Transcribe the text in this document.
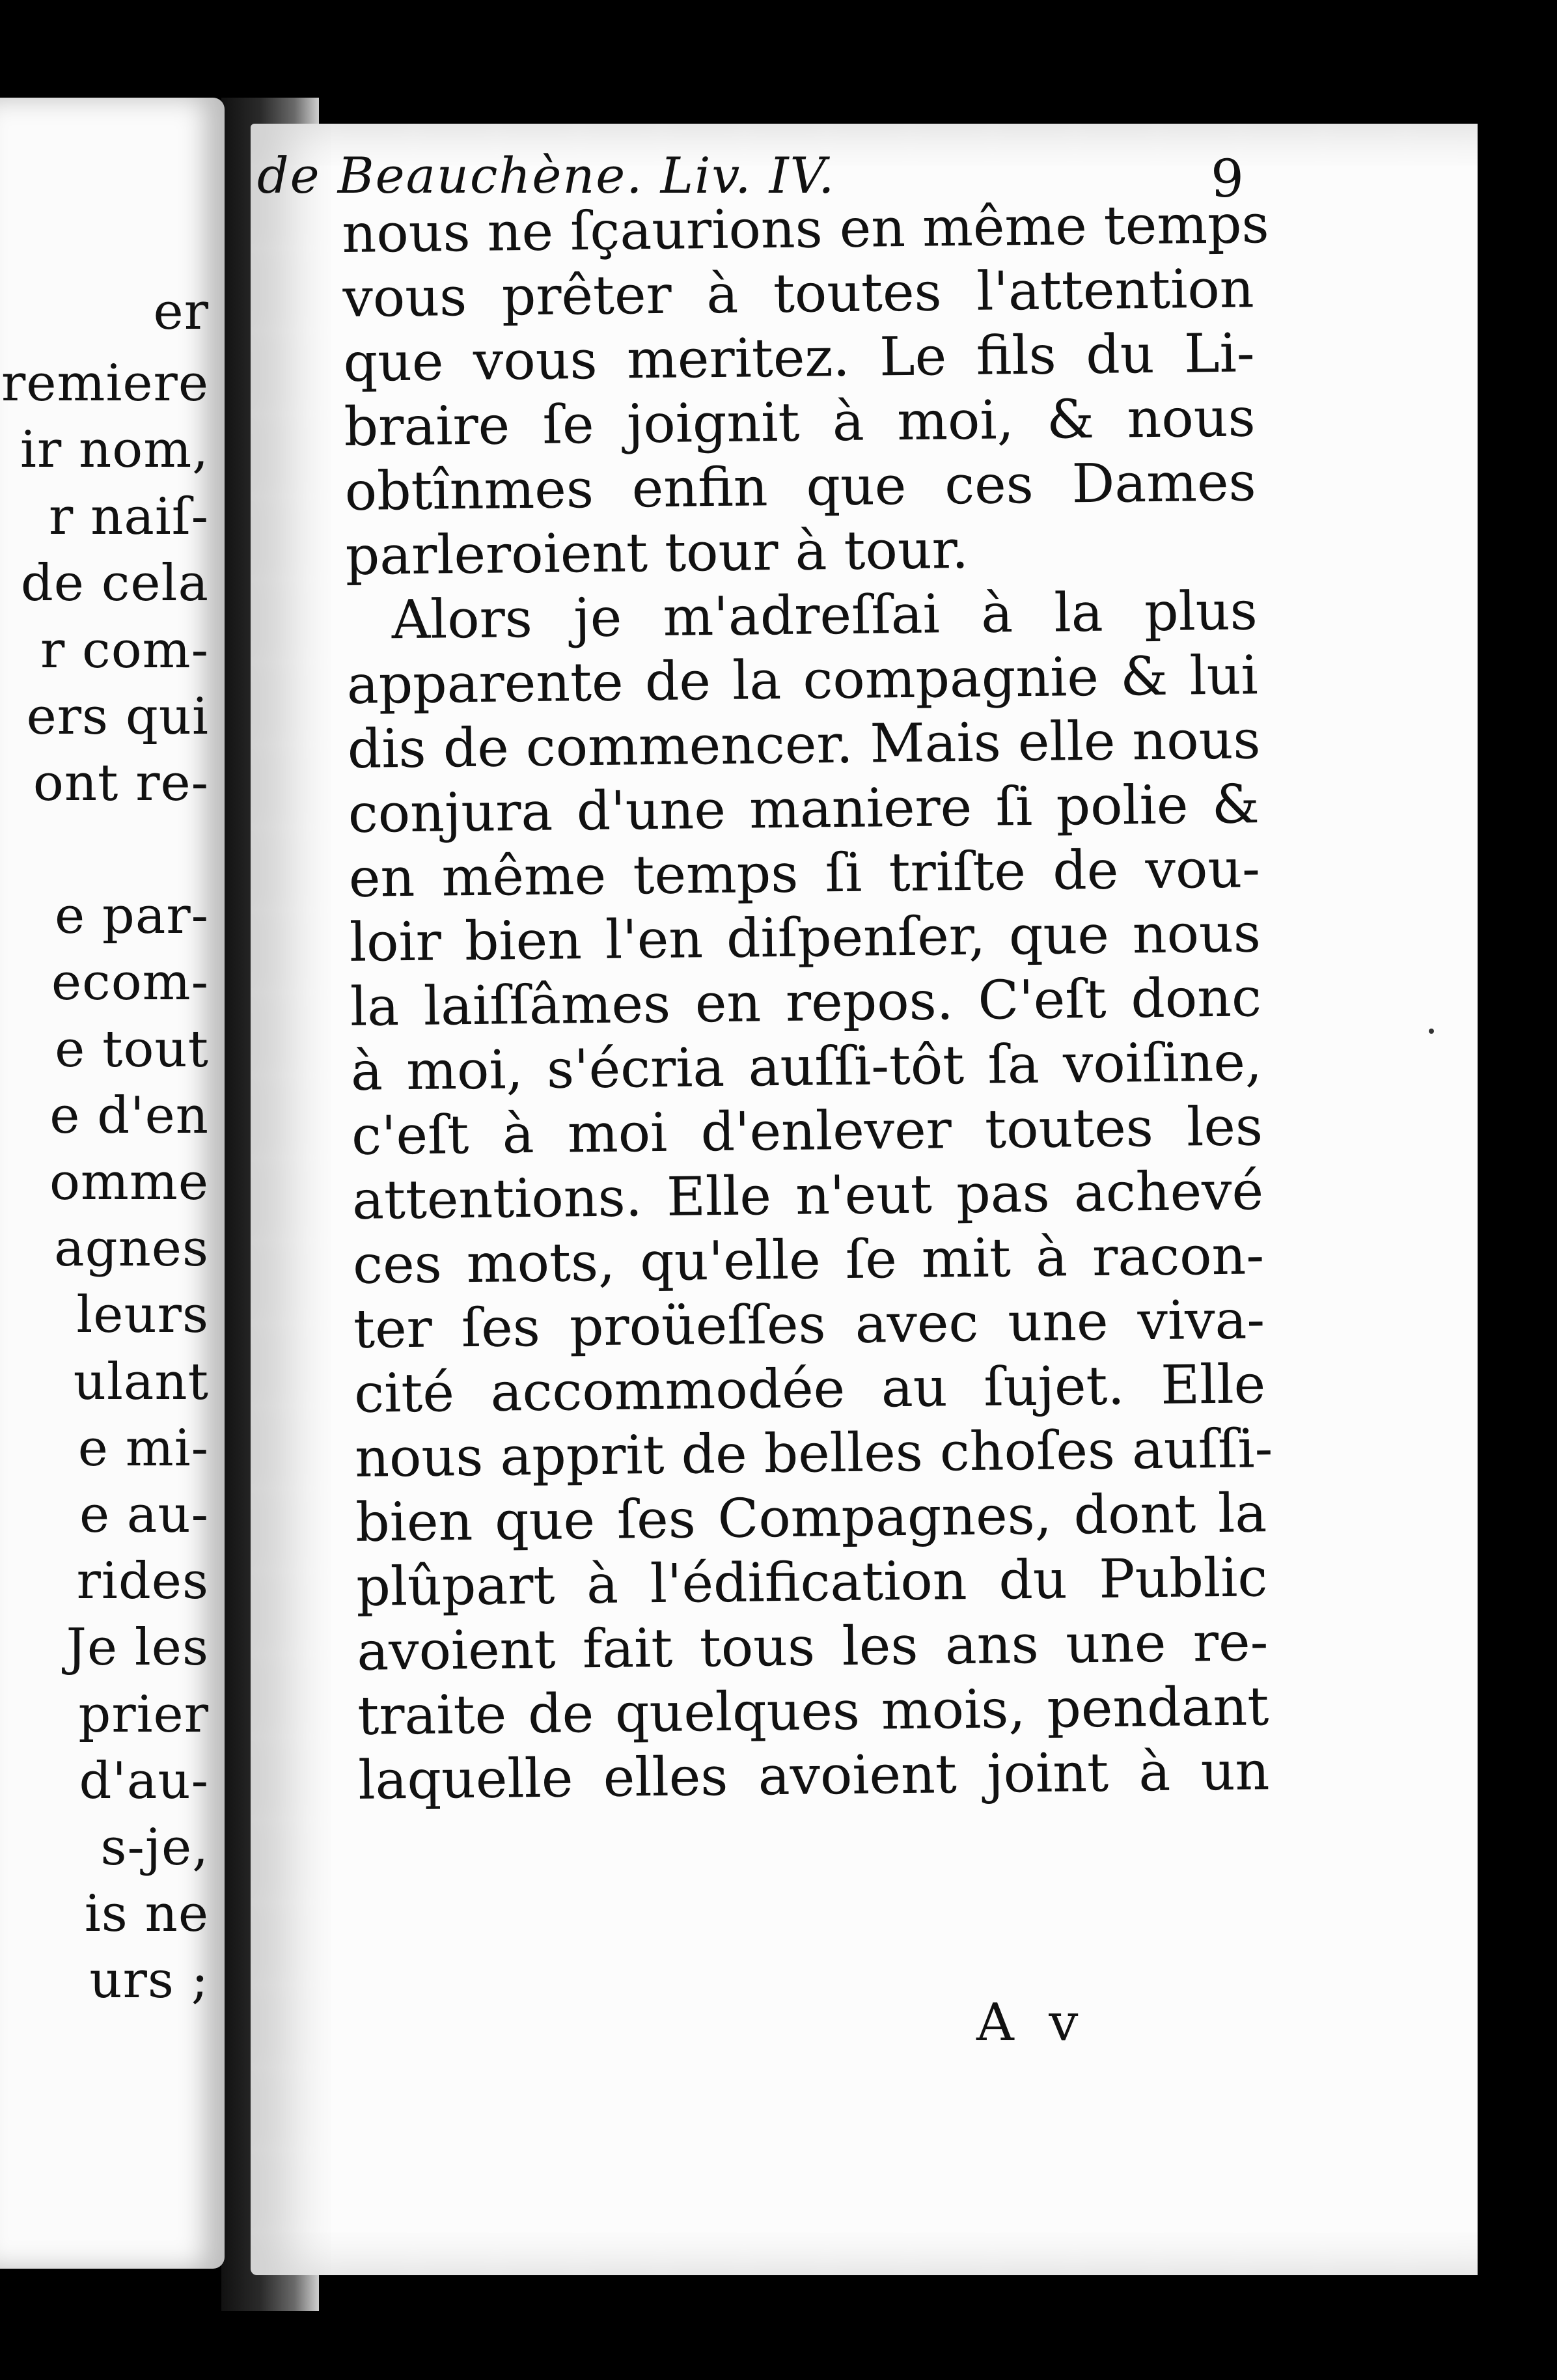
er
remiere
ir nom,
r naiſ-
de cela
r com-
ers qui
ont re-
e par-
ecom-
e tout
e d'en
omme
agnes
leurs
ulant
e mi-
e au-
rides
Je les
prier
d'au-
s-je,
is ne
urs ;
de Beauchène. Liv. IV.	9
nous ne ſçaurions en même temps
vous prêter à toutes l'attention
que vous meritez. Le fils du Li-
braire ſe joignit à moi, & nous
obtînmes enfin que ces Dames
parleroient tour à tour.
Alors je m'adreſſai à la plus
apparente de la compagnie & lui
dis de commencer. Mais elle nous
conjura d'une maniere ſi polie &
en même temps ſi triſte de vou-
loir bien l'en diſpenſer, que nous
la laiſſâmes en repos. C'eſt donc
à moi, s'écria auſſi-tôt ſa voiſine,
c'eſt à moi d'enlever toutes les
attentions. Elle n'eut pas achevé
ces mots, qu'elle ſe mit à racon-
ter ſes proüeſſes avec une viva-
cité accommodée au ſujet. Elle
nous apprit de belles choſes auſſi-
bien que ſes Compagnes, dont la
plûpart à l'édification du Public
avoient fait tous les ans une re-
traite de quelques mois, pendant
laquelle elles avoient joint à un
A v
